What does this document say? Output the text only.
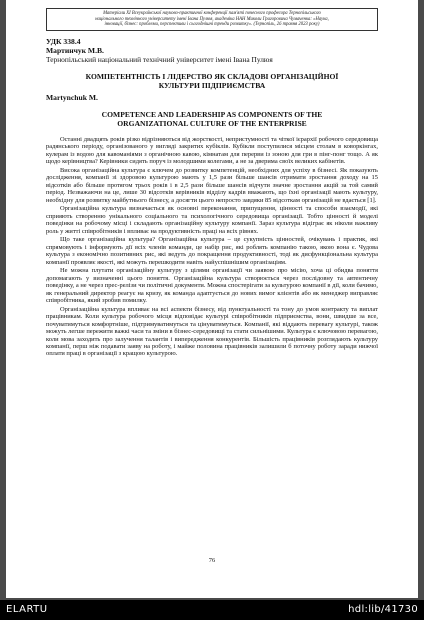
Матеріали XI Всеукраїнської науково-практичної конференції пам'яті почесного професора Тернопільського
національного технічного університету імені Івана Пулюя, академіка НАН Миколи Григоровича Чумаченка: «Наука,
інновації, бізнес: проблеми, перспективи і сьогоднішні тренди розвитку». (Тернопіль, 26 травня 2023 року)
УДК 338.4
Мартинчук М.В.
Тернопільський національний технічний університет імені Івана Пулюя
КОМПЕТЕНТНІСТЬ І ЛІДЕРСТВО ЯК СКЛАДОВІ ОРГАНІЗАЦІЙНОЇ
КУЛЬТУРИ ПІДПРИЄМСТВА
Martynchuk M.
COMPETENCE AND LEADERSHIP AS COMPONENTS OF THE
ORGANIZATIONAL CULTURE OF THE ENTERPRISE

Останні двадцять років різко відрізняються від жорсткості, непристумності та чіткої ієрархії робочого середовища радянського періоду, організованого у вигляді закритих кубіклів. Кубікли поступилися місцем столам в коворкінгах, кулерам із водою для кавоманіями з органічною кавою, кімнатам для перерви із зоною для гри в пінг-понг тощо. А як щодо керівництва? Керівники сидять поруч із молодшими колегами, а не за дверима своїх великих кабінетів.

Висока організаційна культура є ключем до розвитку компетенцій, необхідних для успіху в бізнесі. Як показують дослідження, компанії зі здоровою культурою мають у 1,5 рази більше шансів отримати зростання доходу на 15 відсотків або більше протягом трьох років і в 2,5 рази більше шансів відчути значне зростання акцій за той самий період. Незважаючи на це, лише 30 відсотків керівників відділу кадрів вважають, що їхні організації мають культуру, необхідну для розвитку майбутнього бізнесу, а досягти цього непросто завдяки 85 відсоткам організацій не вдається [1].

Організаційна культура визначається як основні переконання, припущення, цінності та способи взаємодії, які сприяють створенню унікального соціального та психологічного середовища організації. Тобто цінності й моделі поведінки на робочому місці і складають організаційну культуру компанії. Зараз культура відіграє як ніколи важливу роль у житті співробітників і впливає на продуктивність праці на всіх рівнях.

Що таке організаційна культура? Організаційна культура – це сукупність цінностей, очікувань і практик, які спрямовують і інформують дії всіх членів команди, це набір рис, які роблять компанію такою, якою вона є. Чудова культура з економічно позитивних рис, які ведуть до покращення продуктивності, тоді як дисфункціональна культура компанії проявляє якості, які можуть перешкодити навіть найуспішнішим організаціям.

Не можна плутати організаційну культуру з цілями організації чи заявою про місію, хоча ці обидва поняття допомагають у визначенні цього поняття. Організаційна культура створюється через послідовну та автентичну поведінку, а не через прес-релізи чи політичні документи. Можна спостерігати за культурою компанії в дії, коли бачимо, як генеральний директор реагує на кризу, як команда адаптується до нових вимог клієнтів або як менеджер виправляє співробітника, який зробив помилку.

Організаційна культура впливає на всі аспекти бізнесу, від пунктуальності та тону до умов контракту та виплат працівникам. Коли культура робочого місця відповідає культурі співробітників підприємства, вони, швидше за все, почуватимуться комфортніше, підтримуватимуться та цінуватимуться. Компанії, які віддають перевагу культурі, також можуть легше пережити важкі часи та зміни в бізнес-середовищі та стати сильнішими. Культура є ключовою перевагою, коли мова заходить про залучення талантів і випередження конкурентів. Більшість працівників розглядають культуру компанії, перш ніж подавати заяву на роботу, і майже половина працівників залишили б поточну роботу заради нижчої оплати праці в організації з кращою культурою.

76
ELARTU	hdl:lib/41730
